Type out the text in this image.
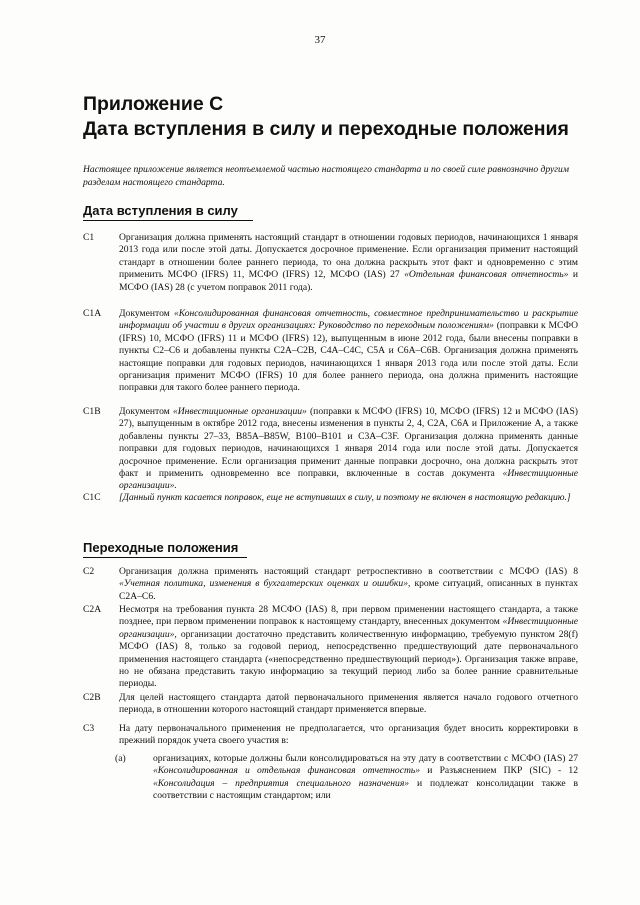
37
Приложение С
Дата вступления в силу и переходные положения
Настоящее приложение является неотъемлемой частью настоящего стандарта и по своей силе равнозначно другим разделам настоящего стандарта.
Дата вступления в силу
C1	Организация должна применять настоящий стандарт в отношении годовых периодов, начинающихся 1 января 2013 года или после этой даты. Допускается досрочное применение. Если организация применит настоящий стандарт в отношении более раннего периода, то она должна раскрыть этот факт и одновременно с этим применить МСФО (IFRS) 11, МСФО (IFRS) 12, МСФО (IAS) 27 «Отдельная финансовая отчетность» и МСФО (IAS) 28 (с учетом поправок 2011 года).
C1A Документом «Консолидированная финансовая отчетность, совместное предпринимательство и раскрытие информации об участии в других организациях: Руководство по переходным положениям» (поправки к МСФО (IFRS) 10, МСФО (IFRS) 11 и МСФО (IFRS) 12), выпущенным в июне 2012 года, были внесены поправки в пункты С2–С6 и добавлены пункты С2А–С2В, С4А–С4С, С5А и С6А–С6В. Организация должна применять настоящие поправки для годовых периодов, начинающихся 1 января 2013 года или после этой даты. Если организация применит МСФО (IFRS) 10 для более раннего периода, она должна применить настоящие поправки для такого более раннего периода.
C1B Документом «Инвестиционные организации» (поправки к МСФО (IFRS) 10, МСФО (IFRS) 12 и МСФО (IAS) 27), выпущенным в октябре 2012 года, внесены изменения в пункты 2, 4, С2А, С6А и Приложение А, а также добавлены пункты 27–33, B85A–B85W, B100–B101 и С3А–С3F. Организация должна применять данные поправки для годовых периодов, начинающихся 1 января 2014 года или после этой даты. Допускается досрочное применение. Если организация применит данные поправки досрочно, она должна раскрыть этот факт и применить одновременно все поправки, включенные в состав документа «Инвестиционные организации».
C1C [Данный пункт касается поправок, еще не вступивших в силу, и поэтому не включен в настоящую редакцию.]
Переходные положения
C2	Организация должна применять настоящий стандарт ретроспективно в соответствии с МСФО (IAS) 8 «Учетная политика, изменения в бухгалтерских оценках и ошибки», кроме ситуаций, описанных в пунктах С2А–С6.
C2A Несмотря на требования пункта 28 МСФО (IAS) 8, при первом применении настоящего стандарта, а также позднее, при первом применении поправок к настоящему стандарту, внесенных документом «Инвестиционные организации», организации достаточно представить количественную информацию, требуемую пунктом 28(f) МСФО (IAS) 8, только за годовой период, непосредственно предшествующий дате первоначального применения настоящего стандарта («непосредственно предшествующий период»). Организация также вправе, но не обязана представить такую информацию за текущий период либо за более ранние сравнительные периоды.
C2B Для целей настоящего стандарта датой первоначального применения является начало годового отчетного периода, в отношении которого настоящий стандарт применяется впервые.
C3	На дату первоначального применения не предполагается, что организация будет вносить корректировки в прежний порядок учета своего участия в:
(a)	организациях, которые должны были консолидироваться на эту дату в соответствии с МСФО (IAS) 27 «Консолидированная и отдельная финансовая отчетность» и Разъяснением ПКР (SIC) - 12 «Консолидация – предприятия специального назначения» и подлежат консолидации также в соответствии с настоящим стандартом; или
